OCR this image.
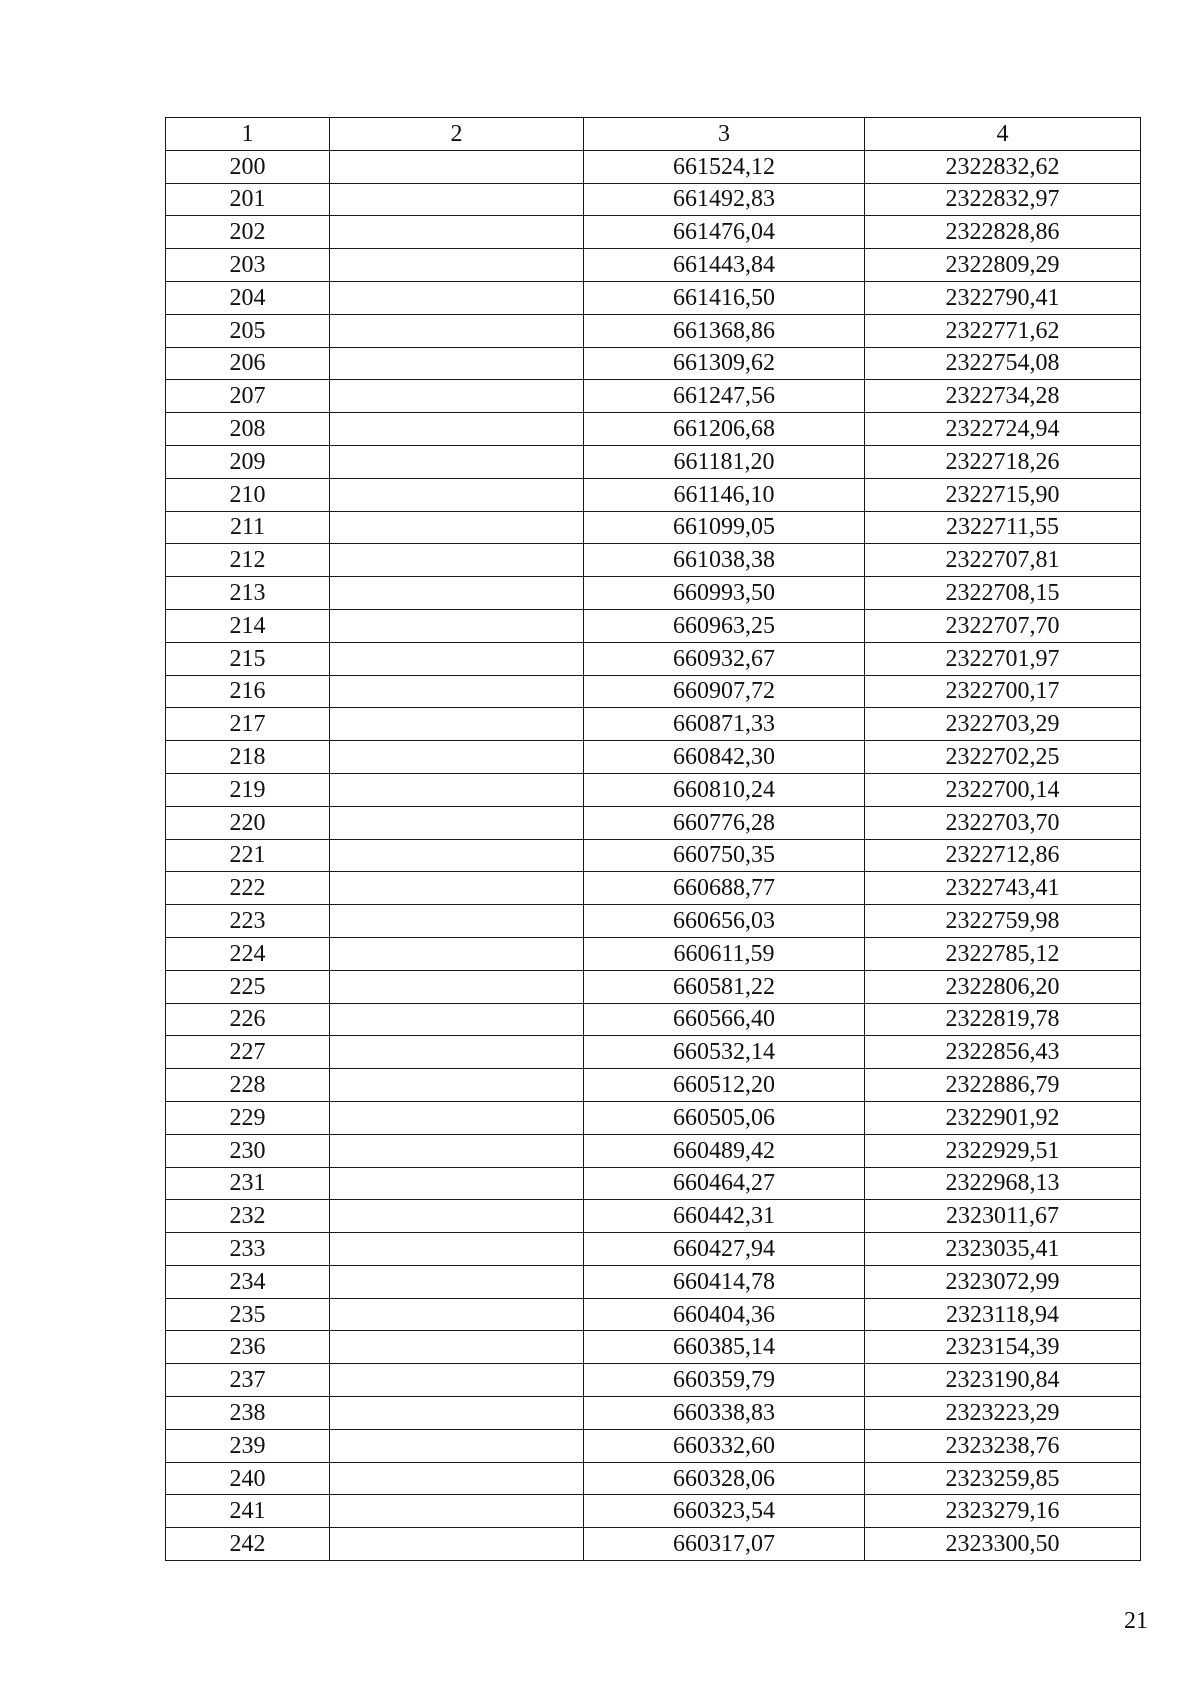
1	2	3	4
200		661524,12	2322832,62
201		661492,83	2322832,97
202		661476,04	2322828,86
203		661443,84	2322809,29
204		661416,50	2322790,41
205		661368,86	2322771,62
206		661309,62	2322754,08
207		661247,56	2322734,28
208		661206,68	2322724,94
209		661181,20	2322718,26
210		661146,10	2322715,90
211		661099,05	2322711,55
212		661038,38	2322707,81
213		660993,50	2322708,15
214		660963,25	2322707,70
215		660932,67	2322701,97
216		660907,72	2322700,17
217		660871,33	2322703,29
218		660842,30	2322702,25
219		660810,24	2322700,14
220		660776,28	2322703,70
221		660750,35	2322712,86
222		660688,77	2322743,41
223		660656,03	2322759,98
224		660611,59	2322785,12
225		660581,22	2322806,20
226		660566,40	2322819,78
227		660532,14	2322856,43
228		660512,20	2322886,79
229		660505,06	2322901,92
230		660489,42	2322929,51
231		660464,27	2322968,13
232		660442,31	2323011,67
233		660427,94	2323035,41
234		660414,78	2323072,99
235		660404,36	2323118,94
236		660385,14	2323154,39
237		660359,79	2323190,84
238		660338,83	2323223,29
239		660332,60	2323238,76
240		660328,06	2323259,85
241		660323,54	2323279,16
242		660317,07	2323300,50
21
